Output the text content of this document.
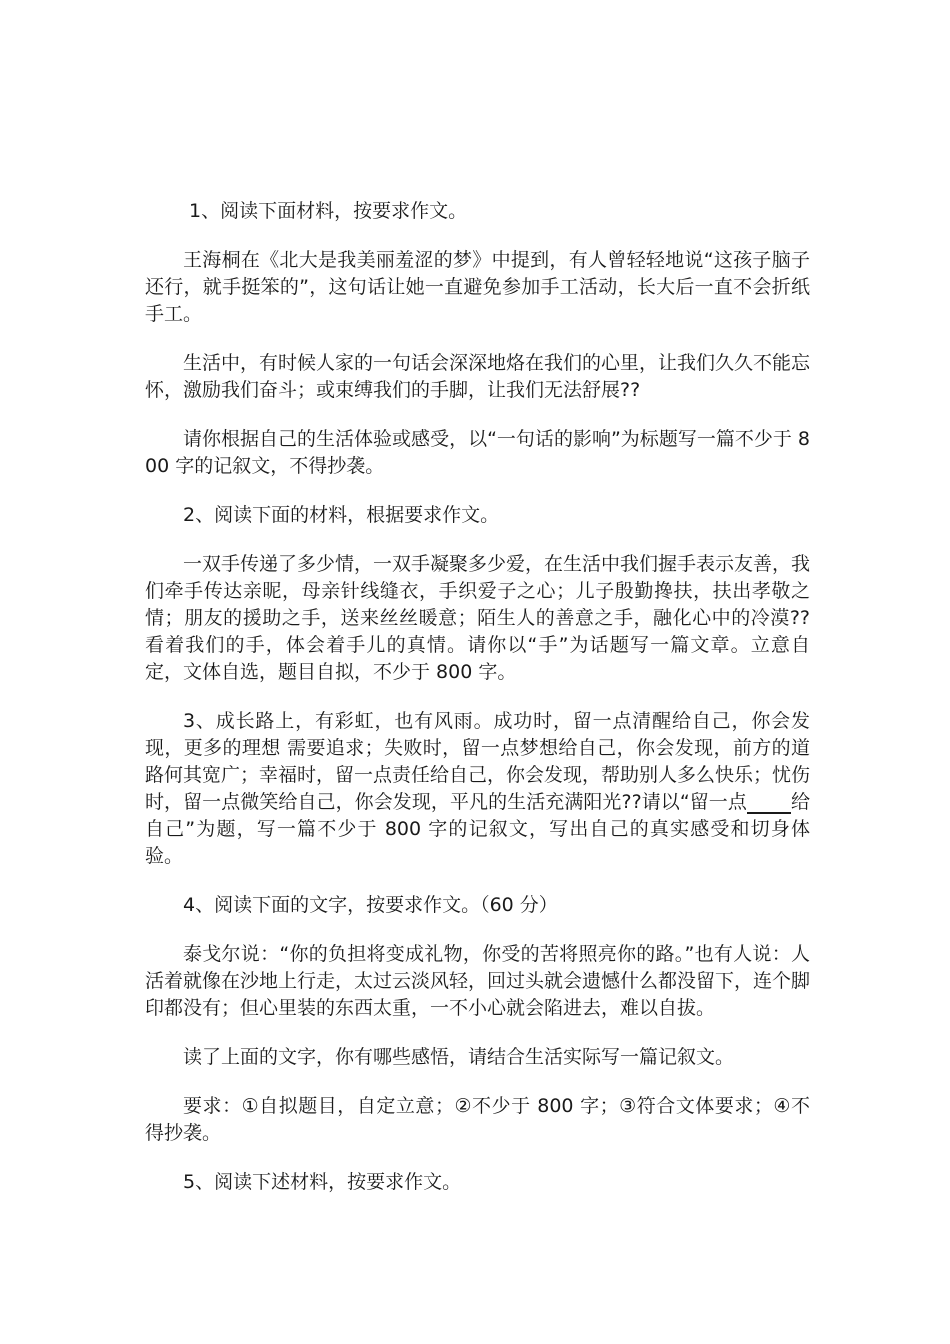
1、阅读下面材料，按要求作文。

王海桐在《北大是我美丽羞涩的梦》中提到，有人曾轻轻地说“这孩子脑子还行，就手挺笨的”，这句话让她一直避免参加手工活动，长大后一直不会折纸手工。

生活中，有时候人家的一句话会深深地烙在我们的心里，让我们久久不能忘怀，激励我们奋斗；或束缚我们的手脚，让我们无法舒展??

请你根据自己的生活体验或感受，以“一句话的影响”为标题写一篇不少于 800 字的记叙文，不得抄袭。

2、阅读下面的材料，根据要求作文。

一双手传递了多少情，一双手凝聚多少爱，在生活中我们握手表示友善，我们牵手传达亲昵，母亲针线缝衣，手织爱子之心；儿子殷勤搀扶，扶出孝敬之情；朋友的援助之手，送来丝丝暖意；陌生人的善意之手，融化心中的冷漠??看着我们的手，体会着手儿的真情。请你以“手”为话题写一篇文章。立意自定，文体自选，题目自拟，不少于 800 字。

3、成长路上，有彩虹，也有风雨。成功时，留一点清醒给自己，你会发现，更多的理想 需要追求；失败时，留一点梦想给自己，你会发现，前方的道路何其宽广；幸福时，留一点责任给自己，你会发现，帮助别人多么快乐；忧伤时，留一点微笑给自己，你会发现，平凡的生活充满阳光??请以“留一点 给自己”为题，写一篇不少于 800 字的记叙文，写出自己的真实感受和切身体验。

4、阅读下面的文字，按要求作文。（60 分）

泰戈尔说：“你的负担将变成礼物，你受的苦将照亮你的路。”也有人说：人活着就像在沙地上行走，太过云淡风轻，回过头就会遗憾什么都没留下，连个脚印都没有；但心里装的东西太重，一不小心就会陷进去，难以自拔。

读了上面的文字，你有哪些感悟，请结合生活实际写一篇记叙文。

要求：①自拟题目，自定立意；②不少于 800 字；③符合文体要求；④不得抄袭。

5、阅读下述材料，按要求作文。
